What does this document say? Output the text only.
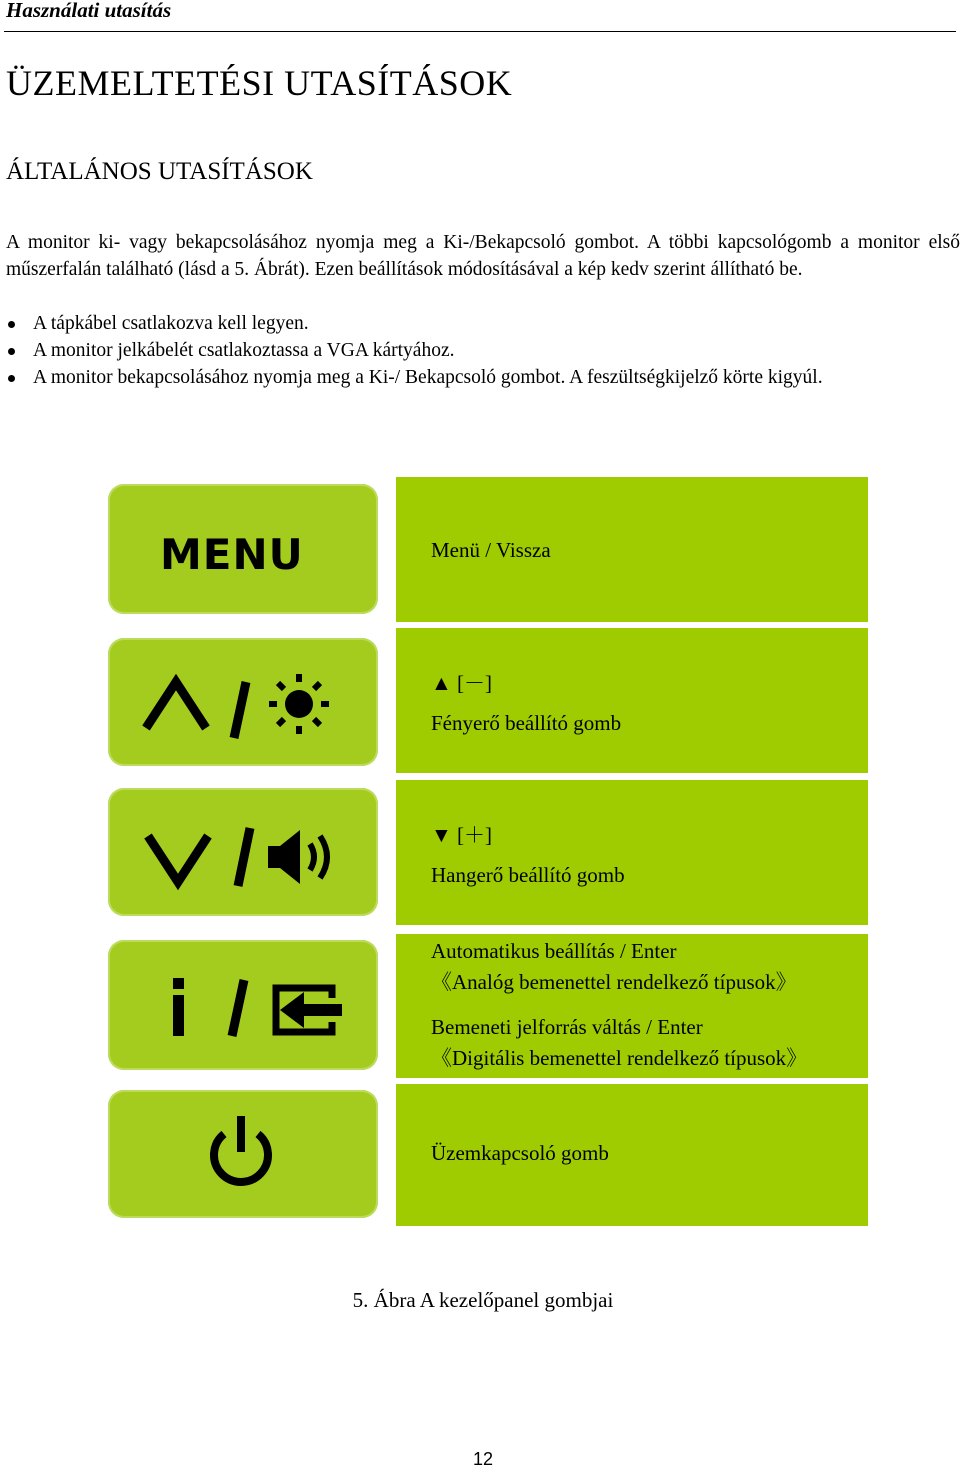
Használati utasítás
ÜZEMELTETÉSI UTASÍTÁSOK
ÁLTALÁNOS UTASÍTÁSOK
A monitor ki- vagy bekapcsolásához nyomja meg a Ki-/Bekapcsoló gombot. A többi kapcsológomb a monitor első műszerfalán található (lásd a 5. Ábrát). Ezen beállítások módosításával a kép kedv szerint állítható be.
A tápkábel csatlakozva kell legyen.
A monitor jelkábelét csatlakoztassa a VGA kártyához.
A monitor bekapcsolásához nyomja meg a Ki-/ Bekapcsoló gombot. A feszültségkijelző körte kigyúl.
MENU	Menü / Vissza
▲ [－]
Fényerő beállító gomb
▼ [＋]
Hangerő beállító gomb
Automatikus beállítás / Enter
《Analóg bemenettel rendelkező típusok》
Bemeneti jelforrás váltás / Enter
《Digitális bemenettel rendelkező típusok》
Üzemkapcsoló gomb
5. Ábra A kezelőpanel gombjai
12
